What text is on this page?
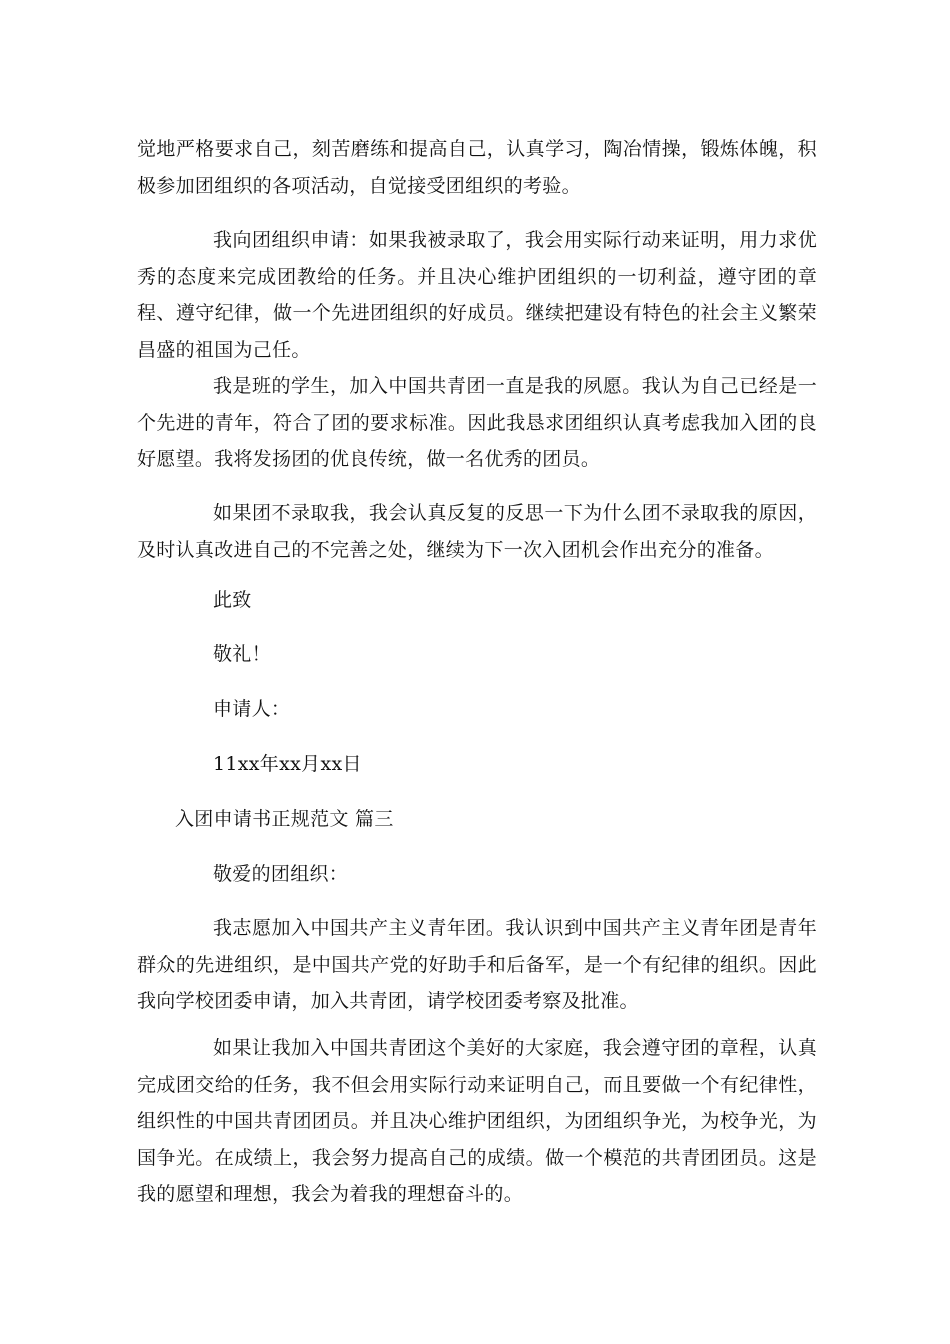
觉地严格要求自己，刻苦磨练和提高自己，认真学习，陶冶情操，锻炼体魄，积极参加团组织的各项活动，自觉接受团组织的考验。

我向团组织申请：如果我被录取了，我会用实际行动来证明，用力求优秀的态度来完成团教给的任务。并且决心维护团组织的一切利益，遵守团的章程、遵守纪律，做一个先进团组织的好成员。继续把建设有特色的社会主义繁荣昌盛的祖国为己任。

我是班的学生，加入中国共青团一直是我的夙愿。我认为自己已经是一个先进的青年，符合了团的要求标准。因此我恳求团组织认真考虑我加入团的良好愿望。我将发扬团的优良传统，做一名优秀的团员。

如果团不录取我，我会认真反复的反思一下为什么团不录取我的原因，及时认真改进自己的不完善之处，继续为下一次入团机会作出充分的准备。

此致
敬礼！
申请人：
11xx年xx月xx日
入团申请书正规范文 篇三
敬爱的团组织：

我志愿加入中国共产主义青年团。我认识到中国共产主义青年团是青年群众的先进组织，是中国共产党的好助手和后备军，是一个有纪律的组织。因此我向学校团委申请，加入共青团，请学校团委考察及批准。

如果让我加入中国共青团这个美好的大家庭，我会遵守团的章程，认真完成团交给的任务，我不但会用实际行动来证明自己，而且要做一个有纪律性，组织性的中国共青团团员。并且决心维护团组织，为团组织争光，为校争光，为国争光。在成绩上，我会努力提高自己的成绩。做一个模范的共青团团员。这是我的愿望和理想，我会为着我的理想奋斗的。
